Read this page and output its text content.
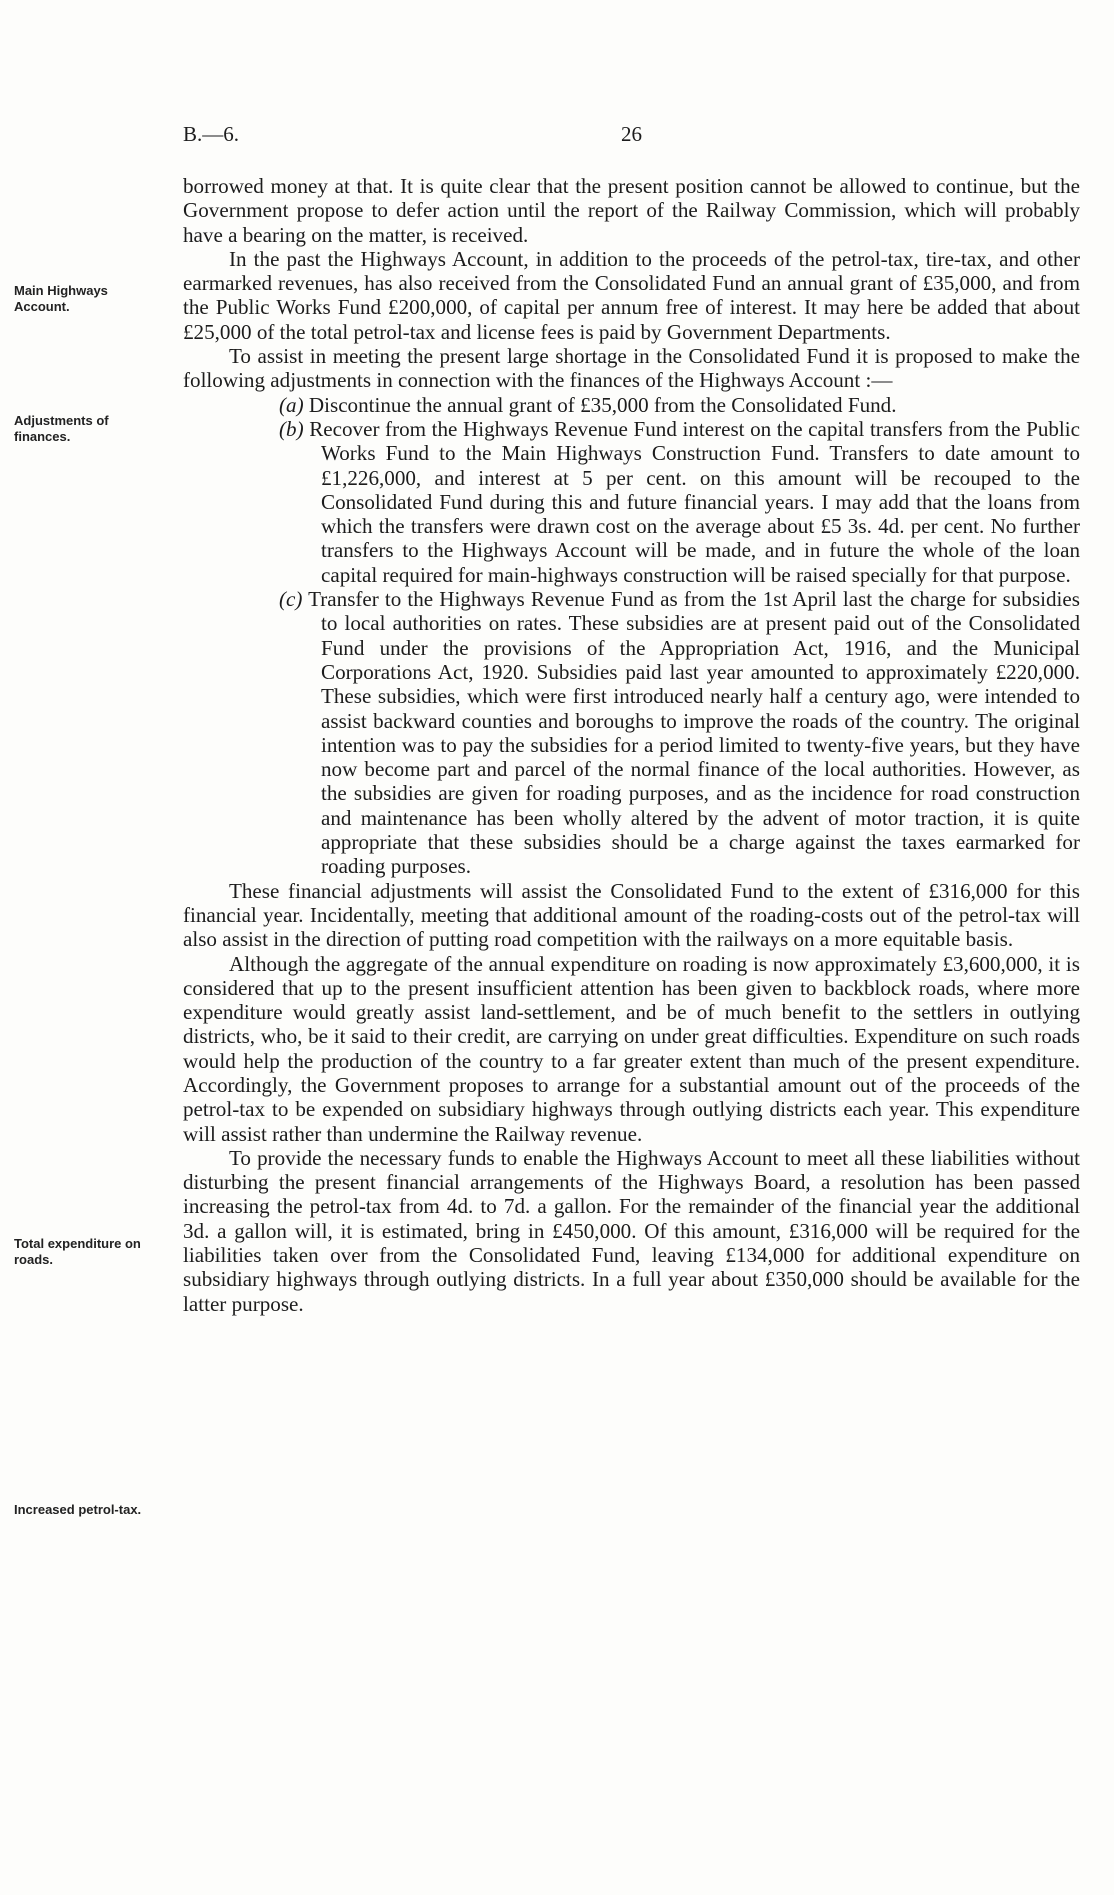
B.—6.	26
Main Highways
Account.
Adjustments of
finances.
Total expenditure on
roads.
Increased petrol-tax.

borrowed money at that. It is quite clear that the present position cannot be allowed to continue, but the Government propose to defer action until the report of the Railway Commission, which will probably have a bearing on the matter, is received.

In the past the Highways Account, in addition to the proceeds of the petrol-tax, tire-tax, and other earmarked revenues, has also received from the Consolidated Fund an annual grant of £35,000, and from the Public Works Fund £200,000, of capital per annum free of interest. It may here be added that about £25,000 of the total petrol-tax and license fees is paid by Government Departments.

To assist in meeting the present large shortage in the Consolidated Fund it is proposed to make the following adjustments in connection with the finances of the Highways Account :—

(a) Discontinue the annual grant of £35,000 from the Consolidated Fund.

(b) Recover from the Highways Revenue Fund interest on the capital transfers from the Public Works Fund to the Main Highways Construction Fund. Transfers to date amount to £1,226,000, and interest at 5 per cent. on this amount will be recouped to the Consolidated Fund during this and future financial years. I may add that the loans from which the transfers were drawn cost on the average about £5 3s. 4d. per cent. No further transfers to the Highways Account will be made, and in future the whole of the loan capital required for main-highways construction will be raised specially for that purpose.

(c) Transfer to the Highways Revenue Fund as from the 1st April last the charge for subsidies to local authorities on rates. These subsidies are at present paid out of the Consolidated Fund under the provisions of the Appropriation Act, 1916, and the Municipal Corporations Act, 1920. Subsidies paid last year amounted to approximately £220,000. These subsidies, which were first introduced nearly half a century ago, were intended to assist backward counties and boroughs to improve the roads of the country. The original intention was to pay the subsidies for a period limited to twenty-five years, but they have now become part and parcel of the normal finance of the local authorities. However, as the subsidies are given for roading purposes, and as the incidence for road construction and maintenance has been wholly altered by the advent of motor traction, it is quite appropriate that these subsidies should be a charge against the taxes earmarked for roading purposes.

These financial adjustments will assist the Consolidated Fund to the extent of £316,000 for this financial year. Incidentally, meeting that additional amount of the roading-costs out of the petrol-tax will also assist in the direction of putting road competition with the railways on a more equitable basis.

Although the aggregate of the annual expenditure on roading is now approximately £3,600,000, it is considered that up to the present insufficient attention has been given to backblock roads, where more expenditure would greatly assist land-settlement, and be of much benefit to the settlers in outlying districts, who, be it said to their credit, are carrying on under great difficulties. Expenditure on such roads would help the production of the country to a far greater extent than much of the present expenditure. Accordingly, the Government proposes to arrange for a substantial amount out of the proceeds of the petrol-tax to be expended on subsidiary highways through outlying districts each year. This expenditure will assist rather than undermine the Railway revenue.

To provide the necessary funds to enable the Highways Account to meet all these liabilities without disturbing the present financial arrangements of the Highways Board, a resolution has been passed increasing the petrol-tax from 4d. to 7d. a gallon. For the remainder of the financial year the additional 3d. a gallon will, it is estimated, bring in £450,000. Of this amount, £316,000 will be required for the liabilities taken over from the Consolidated Fund, leaving £134,000 for additional expenditure on subsidiary highways through outlying districts. In a full year about £350,000 should be available for the latter purpose.
